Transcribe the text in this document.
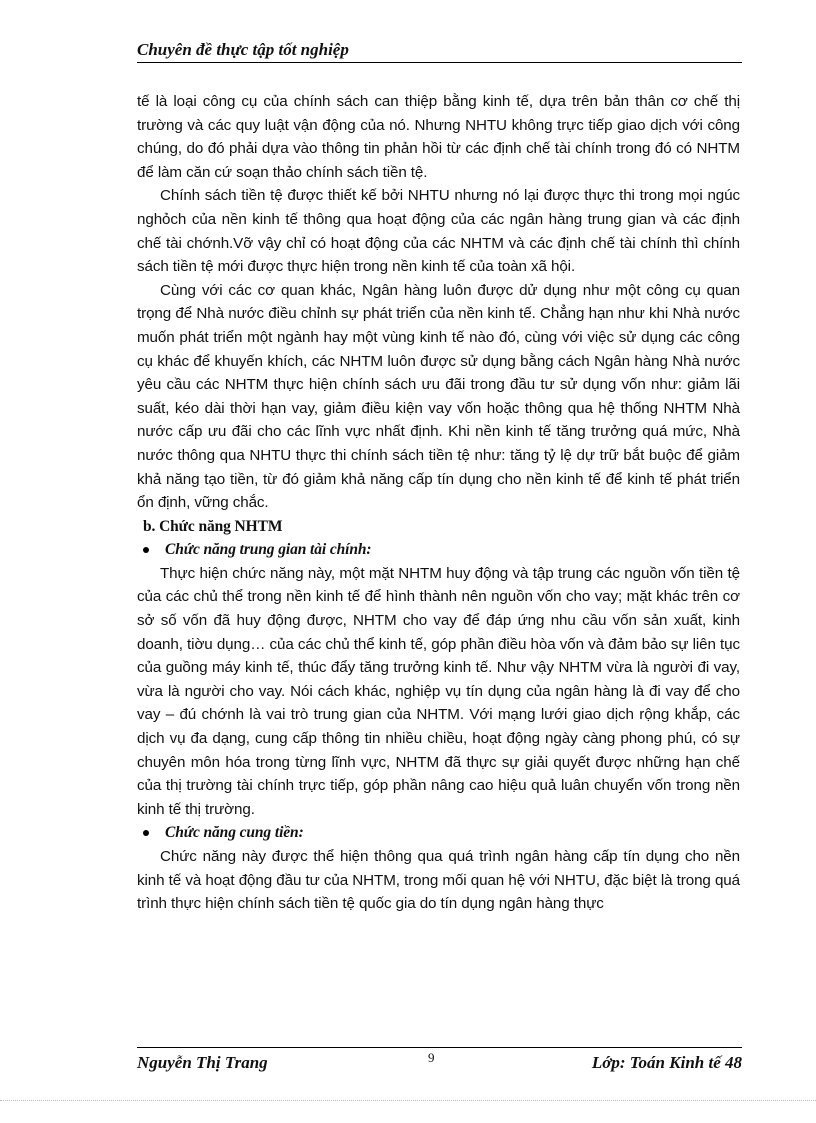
Chuyên đề thực tập tốt nghiệp

tế là loại công cụ của chính sách can thiệp bằng kinh tế, dựa trên bản thân cơ chế thị trường và các quy luật vận động của nó. Nhưng NHTU không trực tiếp giao dịch với công chúng, do đó phải dựa vào thông tin phản hồi từ các định chế tài chính trong đó có NHTM để làm căn cứ soạn thảo chính sách tiền tệ.

Chính sách tiền tệ được thiết kế bởi NHTU nhưng nó lại được thực thi trong mọi ngúc nghỏch của nền kinh tế thông qua hoạt động của các ngân hàng trung gian và các định chế tài chớnh.Vỡ vậy chỉ có hoạt động của các NHTM và các định chế tài chính thì chính sách tiền tệ mới được thực hiện trong nền kinh tế của toàn xã hội.

Cùng với các cơ quan khác, Ngân hàng luôn được dử dụng như một công cụ quan trọng để Nhà nước điều chỉnh sự phát triển của nền kinh tế. Chẳng hạn như khi Nhà nước muốn phát triển một ngành hay một vùng kinh tế nào đó, cùng với việc sử dụng các công cụ khác để khuyến khích, các NHTM luôn được sử dụng bằng cách Ngân hàng Nhà nước yêu cầu các NHTM thực hiện chính sách ưu đãi trong đầu tư sử dụng vốn như: giảm lãi suất, kéo dài thời hạn vay, giảm điều kiện vay vốn hoặc thông qua hệ thống NHTM Nhà nước cấp ưu đãi cho các lĩnh vực nhất định. Khi nền kinh tế tăng trưởng quá mức, Nhà nước thông qua NHTU thực thi chính sách tiền tệ như: tăng tỷ lệ dự trữ bắt buộc để giảm khả năng tạo tiền, từ đó giảm khả năng cấp tín dụng cho nền kinh tế để kinh tế phát triển ổn định, vững chắc.

b. Chức năng NHTM

Chức năng trung gian tài chính:

Thực hiện chức năng này, một mặt NHTM huy động và tập trung các nguồn vốn tiền tệ của các chủ thể trong nền kinh tế để hình thành nên nguồn vốn cho vay; mặt khác trên cơ sở số vốn đã huy động được, NHTM cho vay để đáp ứng nhu cầu vốn sản xuất, kinh doanh, tiờu dụng… của các chủ thể kinh tế, góp phần điều hòa vốn và đảm bảo sự liên tục của guồng máy kinh tế, thúc đẩy tăng trưởng kinh tế. Như vậy NHTM vừa là người đi vay, vừa là người cho vay. Nói cách khác, nghiệp vụ tín dụng của ngân hàng là đi vay để cho vay – đú chớnh là vai trò trung gian của NHTM. Với mạng lưới giao dịch rộng khắp, các dịch vụ đa dạng, cung cấp thông tin nhiều chiều, hoạt động ngày càng phong phú, có sự chuyên môn hóa trong từng lĩnh vực, NHTM đã thực sự giải quyết được những hạn chế của thị trường tài chính trực tiếp, góp phần nâng cao hiệu quả luân chuyển vốn trong nền kinh tế thị trường.

Chức năng cung tiền:

Chức năng này được thể hiện thông qua quá trình ngân hàng cấp tín dụng cho nền kinh tế và hoạt động đầu tư của NHTM, trong mối quan hệ với NHTU, đặc biệt là trong quá trình thực hiện chính sách tiền tệ quốc gia do tín dụng ngân hàng thực

Nguyễn Thị Trang	9	Lớp: Toán Kinh tế 48
